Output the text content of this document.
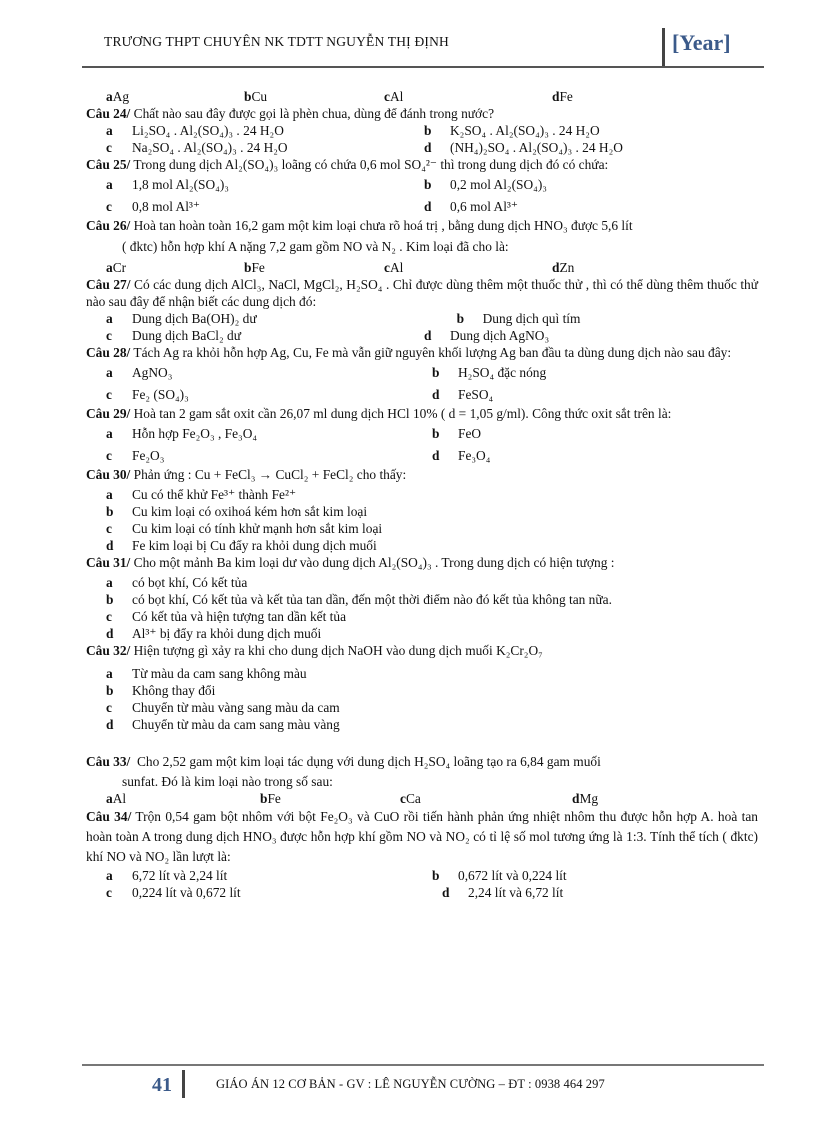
TRƯƠNG THPT CHUYÊN NK TDTT NGUYỄN THỊ ĐỊNH	[Year]
aAg	bCu	cAl	dFe
Câu 24/ Chất nào sau đây được gọi là phèn chua, dùng để đánh trong nước?
a	Li₂SO₄ . Al₂(SO₄)₃ . 24 H₂O	b	K₂SO₄ . Al₂(SO₄)₃ . 24 H₂O
c	Na₂SO₄ . Al₂(SO₄)₃ . 24 H₂O	d	(NH₄)₂SO₄ . Al₂(SO₄)₃ . 24 H₂O
Câu 25/ Trong dung dịch Al₂(SO₄)₃ loãng có chứa 0,6 mol SO₄²⁻ thì trong dung dịch đó có chứa:
a	1,8 mol Al₂(SO₄)₃	b	0,2 mol Al₂(SO₄)₃
c	0,8 mol Al³⁺	d	0,6 mol Al³⁺
Câu 26/ Hoà tan hoàn toàn 16,2 gam một kim loại chưa rõ hoá trị , bằng dung dịch HNO₃ được 5,6 lít
( đktc) hỗn hợp khí A nặng 7,2 gam gồm NO và N₂ . Kim loại đã cho là:
aCr	bFe	cAl	dZn
Câu 27/ Có các dung dịch AlCl₃, NaCl, MgCl₂, H₂SO₄ . Chỉ được dùng thêm một thuốc thử , thì có thể dùng thêm thuốc thử nào sau đây để nhận biết các dung dịch đó:
a	Dung dịch Ba(OH)₂ dư	b	Dung dịch quì tím
c	Dung dịch BaCl₂ dư	d	Dung dịch AgNO₃
Câu 28/ Tách Ag ra khỏi hỗn hợp Ag, Cu, Fe mà vẫn giữ nguyên khối lượng Ag ban đầu ta dùng dung dịch nào sau đây:
a	AgNO₃	b	H₂SO₄ đặc nóng
c	Fe₂ (SO₄)₃	d	FeSO₄
Câu 29/ Hoà tan 2 gam sắt oxit cần 26,07 ml dung dịch HCl 10% ( d = 1,05 g/ml). Công thức oxit sắt trên là:
a	Hỗn hợp Fe₂O₃ , Fe₃O₄	b	FeO
c	Fe₂O₃	d	Fe₃O₄
Câu 30/ Phản ứng : Cu + FeCl₃ → CuCl₂ + FeCl₂ cho thấy:
a	Cu có thể khử Fe³⁺ thành Fe²⁺
b	Cu kim loại có oxihoá kém hơn sắt kim loại
c	Cu kim loại có tính khử mạnh hơn sắt kim loại
d	Fe kim loại bị Cu đẩy ra khỏi dung dịch muối
Câu 31/ Cho một mảnh Ba kim loại dư vào dung dịch Al₂(SO₄)₃ . Trong dung dịch có hiện tượng :
a	có bọt khí, Có kết tủa
b	có bọt khí, Có kết tủa và kết tủa tan dần, đến một thời điểm nào đó kết tủa không tan nữa.
c	Có kết tủa và hiện tượng tan dần kết tủa
d	Al³⁺ bị đẩy ra khỏi dung dịch muối
Câu 32/ Hiện tượng gì xảy ra khi cho dung dịch NaOH vào dung dịch muối K₂Cr₂O₇
a	Từ màu da cam sang không màu
b	Không thay đổi
c	Chuyển từ màu vàng sang màu da cam
d	Chuyển từ màu da cam sang màu vàng
Câu 33/ Cho 2,52 gam một kim loại tác dụng với dung dịch H₂SO₄ loãng tạo ra 6,84 gam muối
sunfat. Đó là kim loại nào trong số sau:
aAl	bFe	cCa	dMg
Câu 34/ Trộn 0,54 gam bột nhôm với bột Fe₂O₃ và CuO rồi tiến hành phản ứng nhiệt nhôm thu được hỗn hợp A. hoà tan hoàn toàn A trong dung dịch HNO₃ được hỗn hợp khí gồm NO và NO₂ có tỉ lệ số mol tương ứng là 1:3. Tính thể tích ( đktc) khí NO và NO₂ lần lượt là:
a	6,72 lít và 2,24 lít	b	0,672 lít và 0,224 lít
c	0,224 lít và 0,672 lít	d	2,24 lít và 6,72 lít
41	GIÁO ÁN 12 CƠ BẢN - GV : LÊ NGUYỄN CƯỜNG – ĐT : 0938 464 297
